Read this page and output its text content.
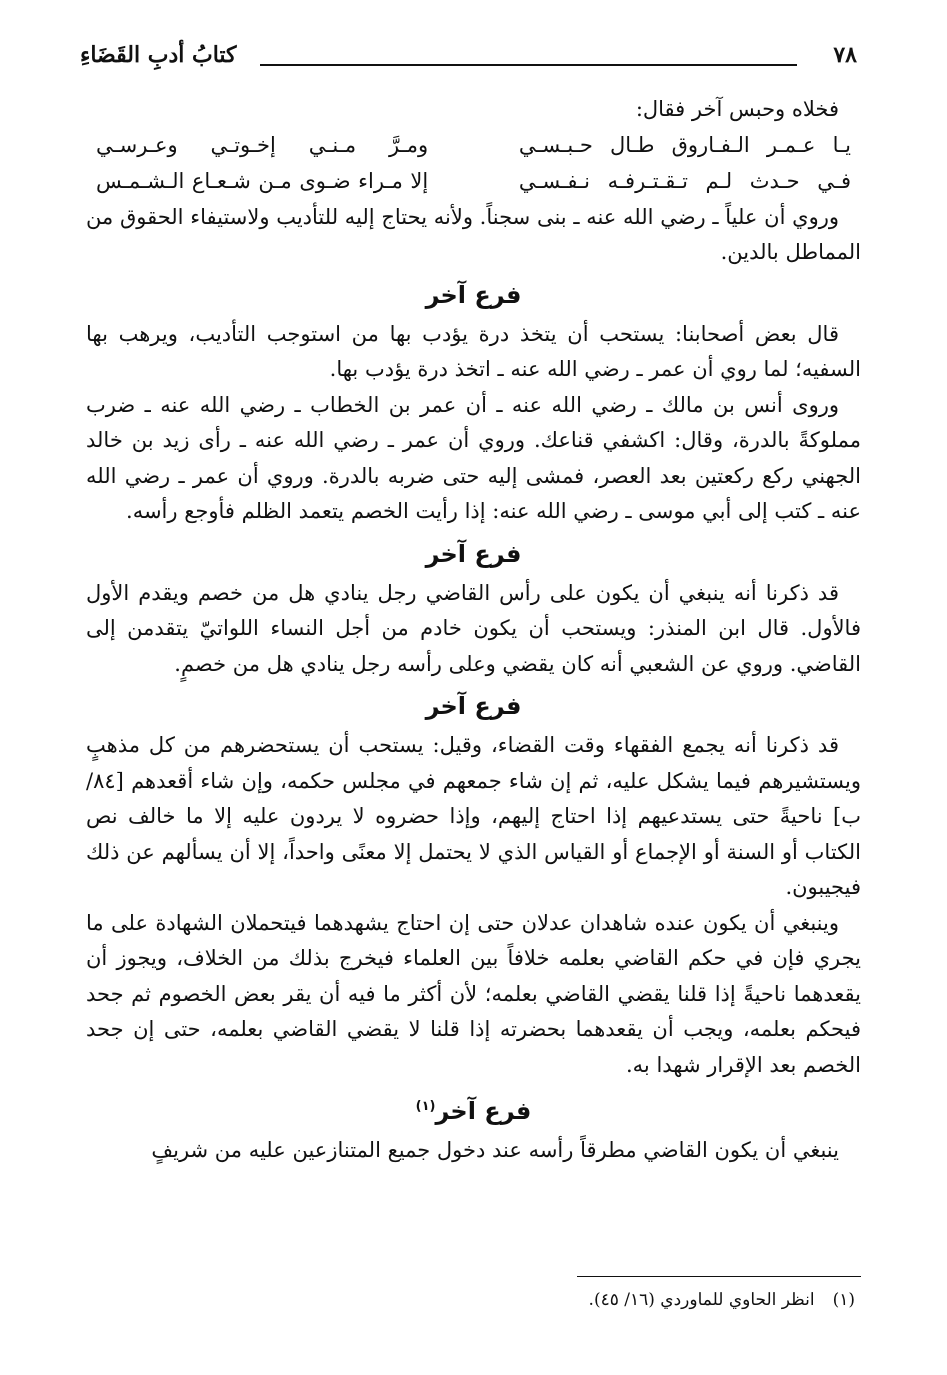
٧٨
كتابُ أدبِ القَضَاءِ

فخلاه وحبس آخر فقال:

يـا عـمـر الـفـاروق طـال حـبـسـي
ومـرَّ مـنـي إخـوتـي وعـرسـي
فـي حـدث لـم تـقـتـرفـه نـفـسـي
إلا مـراء ضـوى مـن شـعـاع الـشـمـس

وروي أن علياً ـ رضي الله عنه ـ بنى سجناً. ولأنه يحتاج إليه للتأديب ولاستيفاء الحقوق من المماطل بالدين.

فرع آخر

قال بعض أصحابنا: يستحب أن يتخذ درة يؤدب بها من استوجب التأديب، ويرهب بها السفيه؛ لما روي أن عمر ـ رضي الله عنه ـ اتخذ درة يؤدب بها.

وروى أنس بن مالك ـ رضي الله عنه ـ أن عمر بن الخطاب ـ رضي الله عنه ـ ضرب مملوكةً بالدرة، وقال: اكشفي قناعك. وروي أن عمر ـ رضي الله عنه ـ رأى زيد بن خالد الجهني ركع ركعتين بعد العصر، فمشى إليه حتى ضربه بالدرة. وروي أن عمر ـ رضي الله عنه ـ كتب إلى أبي موسى ـ رضي الله عنه: إذا رأيت الخصم يتعمد الظلم فأوجع رأسه.

فرع آخر

قد ذكرنا أنه ينبغي أن يكون على رأس القاضي رجل ينادي هل من خصم ويقدم الأول فالأول. قال ابن المنذر: ويستحب أن يكون خادم من أجل النساء اللواتيّ يتقدمن إلى القاضي. وروي عن الشعبي أنه كان يقضي وعلى رأسه رجل ينادي هل من خصمٍ.

فرع آخر

قد ذكرنا أنه يجمع الفقهاء وقت القضاء، وقيل: يستحب أن يستحضرهم من كل مذهبٍ ويستشيرهم فيما يشكل عليه، ثم إن شاء جمعهم في مجلس حكمه، وإن شاء أقعدهم [٨٤/ب] ناحيةً حتى يستدعيهم إذا احتاج إليهم، وإذا حضروه لا يردون عليه إلا ما خالف نص الكتاب أو السنة أو الإجماع أو القياس الذي لا يحتمل إلا معنًى واحداً، إلا أن يسألهم عن ذلك فيجيبون.

وينبغي أن يكون عنده شاهدان عدلان حتى إن احتاج يشهدهما فيتحملان الشهادة على ما يجري فإن في حكم القاضي بعلمه خلافاً بين العلماء فيخرج بذلك من الخلاف، ويجوز أن يقعدهما ناحيةً إذا قلنا يقضي القاضي بعلمه؛ لأن أكثر ما فيه أن يقر بعض الخصوم ثم جحد فيحكم بعلمه، ويجب أن يقعدهما بحضرته إذا قلنا لا يقضي القاضي بعلمه، حتى إن جحد الخصم بعد الإقرار شهدا به.

فرع آخر$^{(١)}$

ينبغي أن يكون القاضي مطرقاً رأسه عند دخول جميع المتنازعين عليه من شريفٍ

(١)انظر الحاوي للماوردي (١٦/ ٤٥).
